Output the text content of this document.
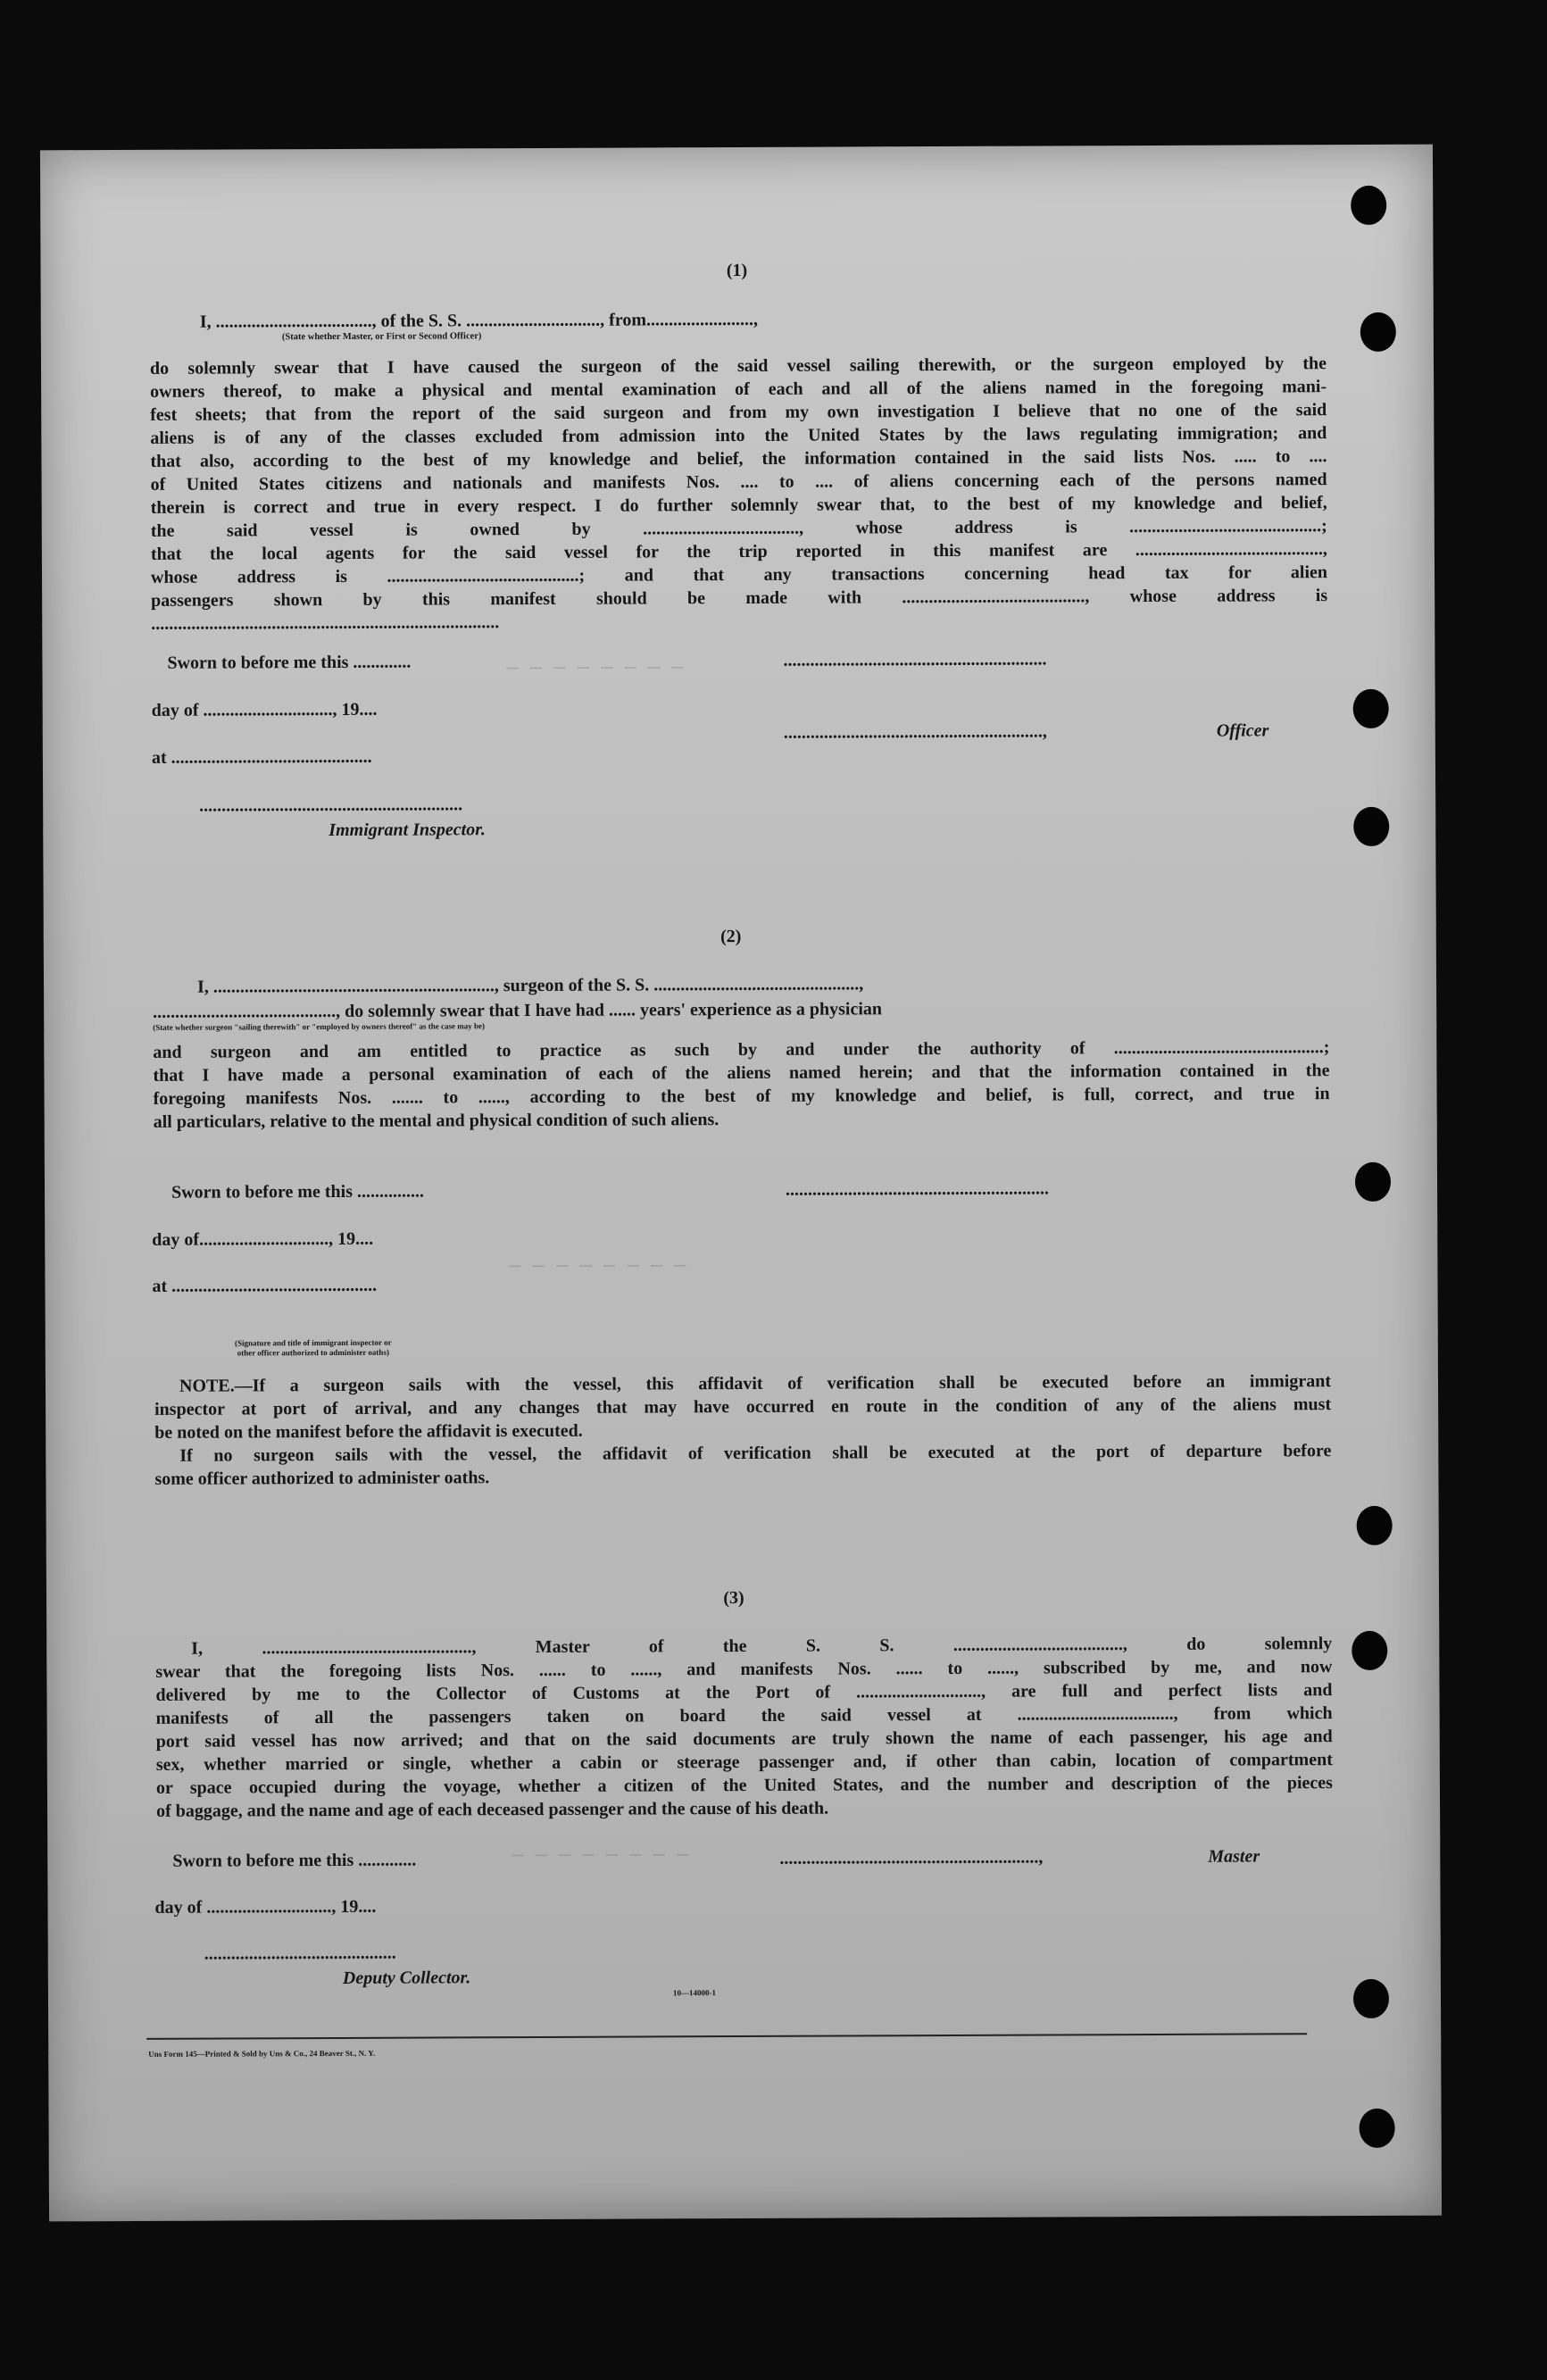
— — — — — — — —
— — — — — — — —
— — — — — — — —
(1)
I, ..................................., of the S. S. .............................., from........................,
(State whether Master, or First or Second Officer)
do solemnly swear that I have caused the surgeon of the said vessel sailing therewith, or the surgeon employed by the
owners thereof, to make a physical and mental examination of each and all of the aliens named in the foregoing mani-
fest sheets; that from the report of the said surgeon and from my own investigation I believe that no one of the said
aliens is of any of the classes excluded from admission into the United States by the laws regulating immigration; and
that also, according to the best of my knowledge and belief, the information contained in the said lists Nos. ..... to ....
of United States citizens and nationals and manifests Nos. .... to .... of aliens concerning each of the persons named
therein is correct and true in every respect. I do further solemnly swear that, to the best of my knowledge and belief,
the said vessel is owned by ..................................., whose address is ...........................................;
that the local agents for the said vessel for the trip reported in this manifest are ..........................................,
whose address is ...........................................; and that any transactions concerning head tax for alien
passengers shown by this manifest should be made with ........................................., whose address is
..............................................................................
Sworn to before me this .............	...........................................................
day of ............................., 19....
..........................................................,	Officer
at .............................................
...........................................................
Immigrant Inspector.
(2)
I, ..............................................................., surgeon of the S. S. ..............................................,
........................................., do solemnly swear that I have had ...... years' experience as a physician
(State whether surgeon "sailing therewith" or "employed by owners thereof" as the case may be)
and surgeon and am entitled to practice as such by and under the authority of ...............................................;
that I have made a personal examination of each of the aliens named herein; and that the information contained in the
foregoing manifests Nos. ....... to ......, according to the best of my knowledge and belief, is full, correct, and true in
all particulars, relative to the mental and physical condition of such aliens.
Sworn to before me this ...............	...........................................................
day of............................., 19....
at ..............................................
(Signature and title of immigrant inspector or
other officer authorized to administer oaths)
NOTE.—If a surgeon sails with the vessel, this affidavit of verification shall be executed before an immigrant
inspector at port of arrival, and any changes that may have occurred en route in the condition of any of the aliens must
be noted on the manifest before the affidavit is executed.
If no surgeon sails with the vessel, the affidavit of verification shall be executed at the port of departure before
some officer authorized to administer oaths.
(3)
I, ..............................................., Master of the S. S. ......................................, do solemnly
swear that the foregoing lists Nos. ...... to ......, and manifests Nos. ...... to ......, subscribed by me, and now
delivered by me to the Collector of Customs at the Port of ............................, are full and perfect lists and
manifests of all the passengers taken on board the said vessel at ..................................., from which
port said vessel has now arrived; and that on the said documents are truly shown the name of each passenger, his age and
sex, whether married or single, whether a cabin or steerage passenger and, if other than cabin, location of compartment
or space occupied during the voyage, whether a citizen of the United States, and the number and description of the pieces
of baggage, and the name and age of each deceased passenger and the cause of his death.
Sworn to before me this .............	..........................................................,	Master
day of ............................, 19....
...........................................
Deputy Collector.
10—14000-1
Uns Form 145—Printed & Sold by Uns & Co., 24 Beaver St., N. Y.
